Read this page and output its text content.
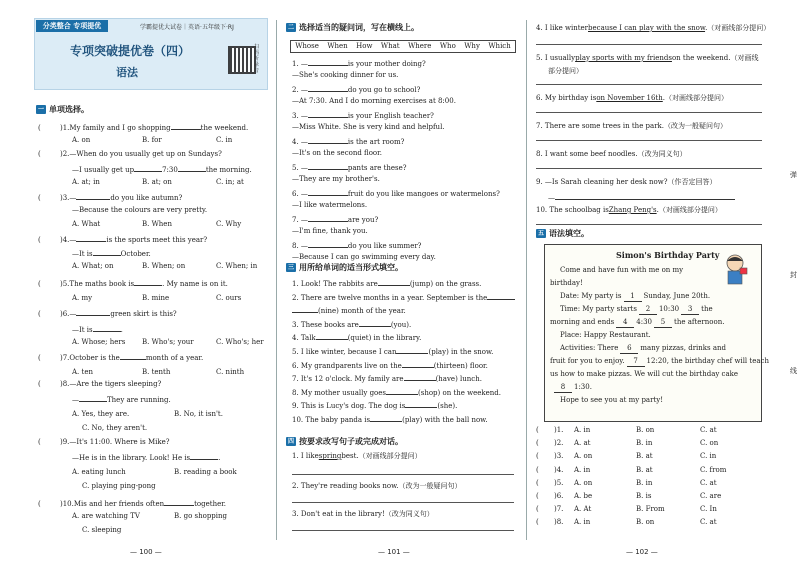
分类整合 专项提优	学霸提优大试卷｜英语·五年级下·RJ
专项突破提优卷（四）
语法
扫码听录音
一 单项选择。
(	)1.My family and I go shopping	the weekend.
A. on	B. for	C. in
(	)2.—When do you usually get up on Sundays?
—I usually get up	7:30	the morning.
A. at; in	B. at; on	C. in; at
(	)3.—	do you like autumn?
—Because the colours are very pretty.
A. What	B. When	C. Why
(	)4.—	is the sports meet this year?
—It is	October.
A. What; on	B. When; on	C. When; in
(	)5.The maths book is	. My name is on it.
A. my	B. mine	C. ours
(	)6.—	green skirt is this?
—It is	.
A. Whose; hers B. Who's; your	C. Who's; her
(	)7.October is the	month of a year.
A. ten	B. tenth	C. ninth
(	)8.—Are the tigers sleeping?
—	They are running.
A. Yes, they are.	B. No, it isn't.
C. No, they aren't.
(	)9.—It's 11:00. Where is Mike?
—He is in the library. Look! He is	.
A. eating lunch	B. reading a book
C. playing ping-pong
(	)10.Mis and her friends often	together.
A. are watching TV	B. go shopping
C. sleeping
— 100 —
二 选择适当的疑问词，写在横线上。
Whose When How What Where Who Why Which
1. —	is your mother doing?
—She's cooking dinner for us.
2. —	do you go to school?
—At 7:30. And I do morning exercises at 8:00.
3. —	is your English teacher?
—Miss White. She is very kind and helpful.
4. —	is the art room?
—It's on the second floor.
5. —	pants are these?
—They are my brother's.
6. —	fruit do you like mangoes or watermelons?
—I like watermelons.
7. —	are you?
—I'm fine, thank you.
8. —	do you like summer?
—Because I can go swimming every day.
三 用所给单词的适当形式填空。
1. Look! The rabbits are	(jump) on the grass.
2. There are twelve months in a year. September is the
(nine) month of the year.
3. These books are	(you).
4. Talk	(quiet) in the library.
5. I like winter, because I can	(play) in the snow.
6. My grandparents live on the	(thirteen) floor.
7. It's 12 o'clock. My family are	(have) lunch.
8. My mother usually goes	(shop) on the weekend.
9. This is Lucy's dog. The dog is	(she).
10. The baby panda is	(play) with the ball now.
四 按要求改写句子或完成对话。
1. I likespringbest.（对画线部分提问）
2. They're reading books now.（改为一般疑问句）
3. Don't eat in the library!（改为同义句）
— 101 —
4. I like winterbecause I can play with the snow.（对画线部分提问）
5. I usuallyplay sports with my friendson the weekend.（对画线
部分提问）
6. My birthday ison November 16th.（对画线部分提问）
7. There are some trees in the park.（改为一般疑问句）
8. I want some beef noodles.（改为同义句）
9. —Is Sarah cleaning her desk now?（作否定回答）
—
10. The schoolbag isZhang Peng's.（对画线部分提问）
五 语法填空。
Simon's Birthday Party
Come and have fun with me on my
birthday!
Date: My party is 1 Sunday, June 20th.
Time: My party starts 2 10:30 3 the
morning and ends 4 4:30 5 the afternoon.
Place: Happy Restaurant.
Activities: There 6 many pizzas, drinks and
fruit for you to enjoy. 7 12:20, the birthday chef will teach
us how to make pizzas. We will cut the birthday cake
8 1:30.
Hope to see you at my party!
( )1. A. in	B. on	C. at
( )2. A. at	B. in	C. on
( )3. A. on	B. at	C. in
( )4. A. in	B. at	C. from
( )5. A. on	B. in	C. at
( )6. A. be	B. is	C. are
( )7. A. At	B. From	C. In
( )8. A. in	B. on	C. at
弹
封
线
— 102 —
